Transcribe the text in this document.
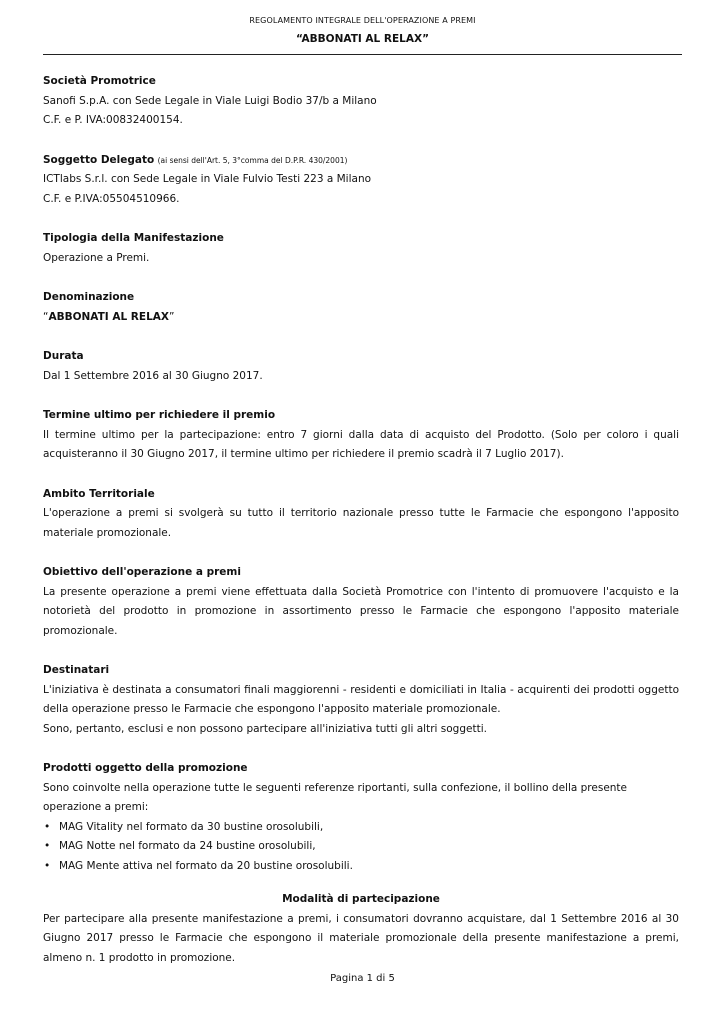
REGOLAMENTO INTEGRALE DELL'OPERAZIONE A PREMI
“ABBONATI AL RELAX”

Società Promotrice

Sanofi S.p.A. con Sede Legale in Viale Luigi Bodio 37/b a Milano

C.F. e P. IVA:00832400154.

Soggetto Delegato (ai sensi dell'Art. 5, 3°comma del D.P.R. 430/2001)

ICTlabs S.r.l. con Sede Legale in Viale Fulvio Testi 223 a Milano

C.F. e P.IVA:05504510966.

Tipologia della Manifestazione

Operazione a Premi.

Denominazione

“ABBONATI AL RELAX”

Durata

Dal 1 Settembre 2016 al 30 Giugno 2017.

Termine ultimo per richiedere il premio

Il termine ultimo per la partecipazione: entro 7 giorni dalla data di acquisto del Prodotto. (Solo per coloro i quali acquisteranno il 30 Giugno 2017, il termine ultimo per richiedere il premio scadrà il 7 Luglio 2017).

Ambito Territoriale

L'operazione a premi si svolgerà su tutto il territorio nazionale presso tutte le Farmacie che espongono l'apposito materiale promozionale.

Obiettivo dell'operazione a premi

La presente operazione a premi viene effettuata dalla Società Promotrice con l'intento di promuovere l'acquisto e la notorietà del prodotto in promozione in assortimento presso le Farmacie che espongono l'apposito materiale promozionale.

Destinatari

L'iniziativa è destinata a consumatori finali maggiorenni - residenti e domiciliati in Italia - acquirenti dei prodotti oggetto della operazione presso le Farmacie che espongono l'apposito materiale promozionale.

Sono, pertanto, esclusi e non possono partecipare all'iniziativa tutti gli altri soggetti.

Prodotti oggetto della promozione

Sono coinvolte nella operazione tutte le seguenti referenze riportanti, sulla confezione, il bollino della presente operazione a premi:

• MAG Vitality nel formato da 30 bustine orosolubili,
• MAG Notte nel formato da 24 bustine orosolubili,
• MAG Mente attiva nel formato da 20 bustine orosolubili.

Modalità di partecipazione

Per partecipare alla presente manifestazione a premi, i consumatori dovranno acquistare, dal 1 Settembre 2016 al 30 Giugno 2017 presso le Farmacie che espongono il materiale promozionale della presente manifestazione a premi, almeno n. 1 prodotto in promozione.

Pagina 1 di 5
